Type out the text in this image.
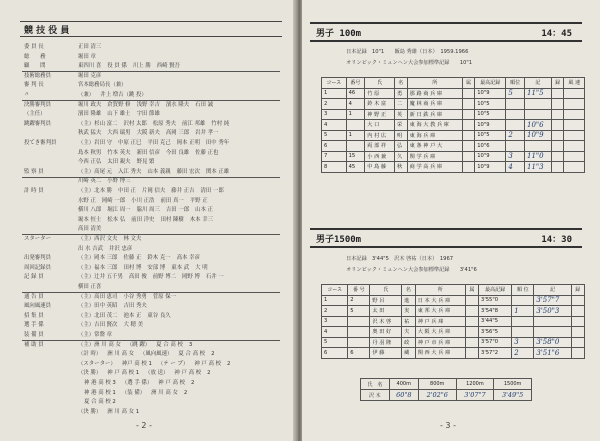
競 技 役 員
- 2 -
委 員 長	正田 清三
総　　務	堀田 章
顧　　問	東四川 喜 役 員 係 川上 勝 西崎 賢吾
技術総務員	堀田 克彦
審 判 長	宮本総務局長（兼）
〃	（兼） 井上 増吉（跳 投）
決勝審判員	堀川 政夫 倉賀野 修 浅野 幸吉 濱水 隆夫 石田 誠
（主任）	濱田 隆雄 山下 雄士 宇田 節雄
跳躍審判員	（主）杉山 富二 沢村 太郎 松原 秀夫 前江 邦雄 竹村 純
秋武 猛夫 大西 瑞男 大阪 新夫 高岡 三郎 岩井 孝一
投てき審判員	（主）岩田 守 中原 正巳 平田 克己 岡本 正明 田中 秀年
島本 秋男 竹本 英夫 新田 信彦 今田 良雄 佐藤 正也
今西 正弘 太田 親夫 野見 繁
監 察 員	（主）高尾 元 入江 秀夫 山本 義親 藤田 宏次 関本 正雄
川崎 英二 小野 博三
計 時 員	（主）北本 勝 中田 正 片岡 信夫 藤井 正吉 清田 一郎
水野 正 岡崎 一郎 小川 正浩 前田 真一 平野 正
横川 八郎 堀江 周一 脇川 周三 吉田 一郎 山本 正
堀本 恒士 松本 弘 前田 洋史 田村 陳樹 木本 幸三
高田 清美
スターター	（主）西沢 文夫 林 文夫
出 水 吉武 井沢 忠彦
出発審判員	（主）岡本 三郎 佐藤 正 鈴木 克一 高本 幸彦
周回記録員	（主）福本 三郎 田村 博 安部 博 東本 武 大 明
記 録 員	（主）辻井 五千男 高田 俊 前野 博二 岡野 博 石井 一
横田 正喜
通 告 員	（主）高田 恵司 小谷 秀勇 菅原 保一
風向風速員	（主）田中 英昭 吉田 秀夫
招 集 員	（主）北田 茂二 池本 正 東谷 良久
選 手 係	（主）吉田 賢次 大 穂 美
装 備 員	（主）常盤 章
補 助 員	（主）洲 川 高 女 （跳 躍） 夏 合 高 校 3
（計 時） 洲 川 高 女 （風向風速） 夏 合 高 校 2
（スターター） 神戸 高 校 1 （テ ー プ） 神 戸 高 校 2
（決 勝） 神 戸 高 校 1 （放 送） 神 戸 高 校 2
神 港 高 校 3 （選 手 係） 神 戸 高 校 2
神 港 高 校 1 （装 備） 洲 川 高 女 2
夏 合 高 校 2
（決 勝） 洲 川 高 女 1
男子 100m	14：45
日本記録　10"1　　飯島 秀雄（日本）　1959.1966
オリンピック・ミュンヘン大会参加標準記録　　10"1
コース	番号	氏	名	所	属	最高記録	順位	記	録	風 速
1	46	竹 原	勇	那 路 商 兵 庫		10"9	5	11"5		
2	4	鈴 木 富	二	魔 林 商 兵 庫		10"5				
3	1	神 野 正	英	新 日 鉄 兵 庫		10"5				
4		大 口	栄	東 海 大 教 兵 庫		10"9		10"6		
5	1	内 村 広	明	東 海 兵 庫		10"5	2	10"9		
6		両 部 祥	弘	東 条 神 戸 大		10"6				
7	15	小 西 兼	久	関 学 兵 庫		10"9	3	11"0		
8	45	中 島 藤	秋	商 学 高 兵 庫		10"9	4	11"3		
男子1500m	14：30
日本記録　3'44"5　沢木 啓祐（日本）　1967
オリンピック・ミュンヘン大会参加標準記録　　3'41"6
コース	番 号	氏	名	所	属	最高記録	順 位	記	録
1	2	野 呂	進	日 本 大 兵 庫		3'55"0		3'57"7	
2	5	太 田	実	東 邦 大 兵 庫		3'54"8	1	3'50"3	
3		沢 木 啓	祐	神 戸 兵 庫		3'44"5			
4		奥 田 好	夫	大 阪 大 兵 庫		3'56"5			
5		丹 羽 隆	政	神 戸 市 兵 庫		3'57"0	3	3'58"0	
6	6	伊 藤	蔵	関 西 大 兵 庫		3'57"2	2	3'51"6	
氏　名	400m	800m	1200m	1500m
沢 木	60"8	2'02"6	3'07"7	3'49"5
- 3 -
